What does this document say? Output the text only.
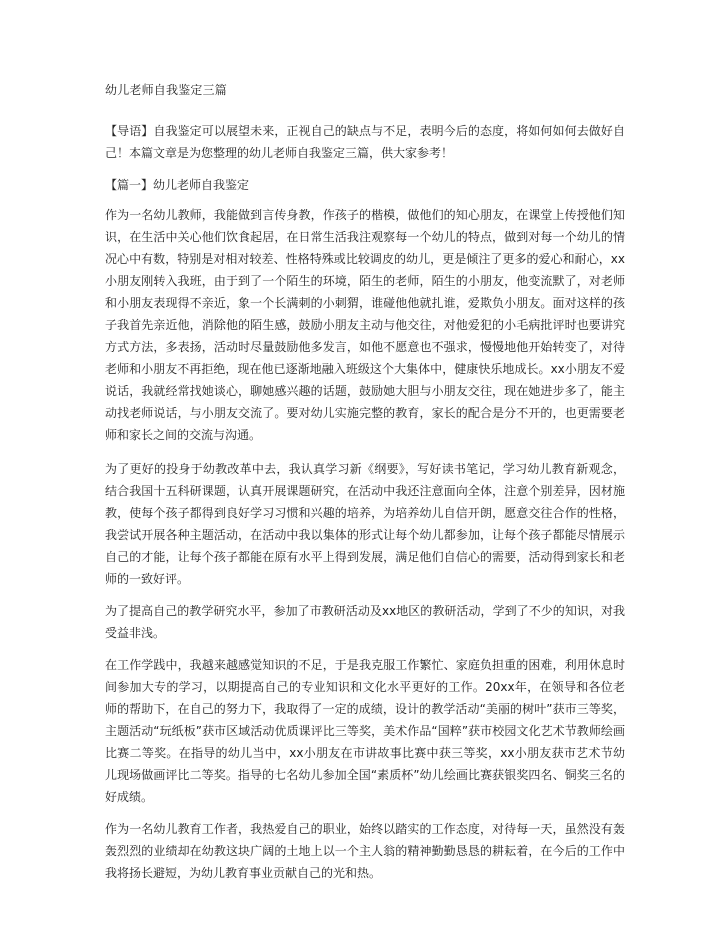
幼儿老师自我鉴定三篇

【导语】自我鉴定可以展望未来，正视自己的缺点与不足，表明今后的态度，将如何如何去做好自己！本篇文章是为您整理的幼儿老师自我鉴定三篇，供大家参考！

【篇一】幼儿老师自我鉴定

作为一名幼儿教师，我能做到言传身教，作孩子的楷模，做他们的知心朋友，在课堂上传授他们知识，在生活中关心他们饮食起居，在日常生活我注观察每一个幼儿的特点，做到对每一个幼儿的情况心中有数，特别是对相对较差、性格特殊或比较调皮的幼儿，更是倾注了更多的爱心和耐心，xx小朋友刚转入我班，由于到了一个陌生的环境，陌生的老师，陌生的小朋友，他变流默了，对老师和小朋友表现得不亲近，象一个长满刺的小刺猬，谁碰他他就扎谁，爱欺负小朋友。面对这样的孩子我首先亲近他，消除他的陌生感，鼓励小朋友主动与他交往，对他爱犯的小毛病批评时也要讲究方式方法，多表扬，活动时尽量鼓励他多发言，如他不愿意也不强求，慢慢地他开始转变了，对待老师和小朋友不再拒绝，现在他已逐渐地融入班级这个大集体中，健康快乐地成长。xx小朋友不爱说话，我就经常找她谈心，聊她感兴趣的话题，鼓励她大胆与小朋友交往，现在她进步多了，能主动找老师说话，与小朋友交流了。要对幼儿实施完整的教育，家长的配合是分不开的，也更需要老师和家长之间的交流与沟通。

为了更好的投身于幼教改革中去，我认真学习新《纲要》，写好读书笔记，学习幼儿教育新观念，结合我国十五科研课题，认真开展课题研究，在活动中我还注意面向全体，注意个别差异，因材施教，使每个孩子都得到良好学习习惯和兴趣的培养，为培养幼儿自信开朗，愿意交往合作的性格，我尝试开展各种主题活动，在活动中我以集体的形式让每个幼儿都参加，让每个孩子都能尽情展示自己的才能，让每个孩子都能在原有水平上得到发展，满足他们自信心的需要，活动得到家长和老师的一致好评。

为了提高自己的教学研究水平，参加了市教研活动及xx地区的教研活动，学到了不少的知识，对我受益非浅。

在工作学践中，我越来越感觉知识的不足，于是我克服工作繁忙、家庭负担重的困难，利用休息时间参加大专的学习，以期提高自己的专业知识和文化水平更好的工作。20xx年，在领导和各位老师的帮助下，在自己的努力下，我取得了一定的成绩，设计的教学活动“美丽的树叶”获市三等奖，主题活动“玩纸板”获市区域活动优质课评比三等奖，美术作品“国粹”获市校园文化艺术节教师绘画比赛二等奖。在指导的幼儿当中，xx小朋友在市讲故事比赛中获三等奖，xx小朋友获市艺术节幼儿现场做画评比二等奖。指导的七名幼儿参加全国“素质杯”幼儿绘画比赛获银奖四名、铜奖三名的好成绩。

作为一名幼儿教育工作者，我热爱自己的职业，始终以踏实的工作态度，对待每一天，虽然没有轰轰烈烈的业绩却在幼教这块广阔的土地上以一个主人翁的精神勤勤恳恳的耕耘着，在今后的工作中我将扬长避短，为幼儿教育事业贡献自己的光和热。
